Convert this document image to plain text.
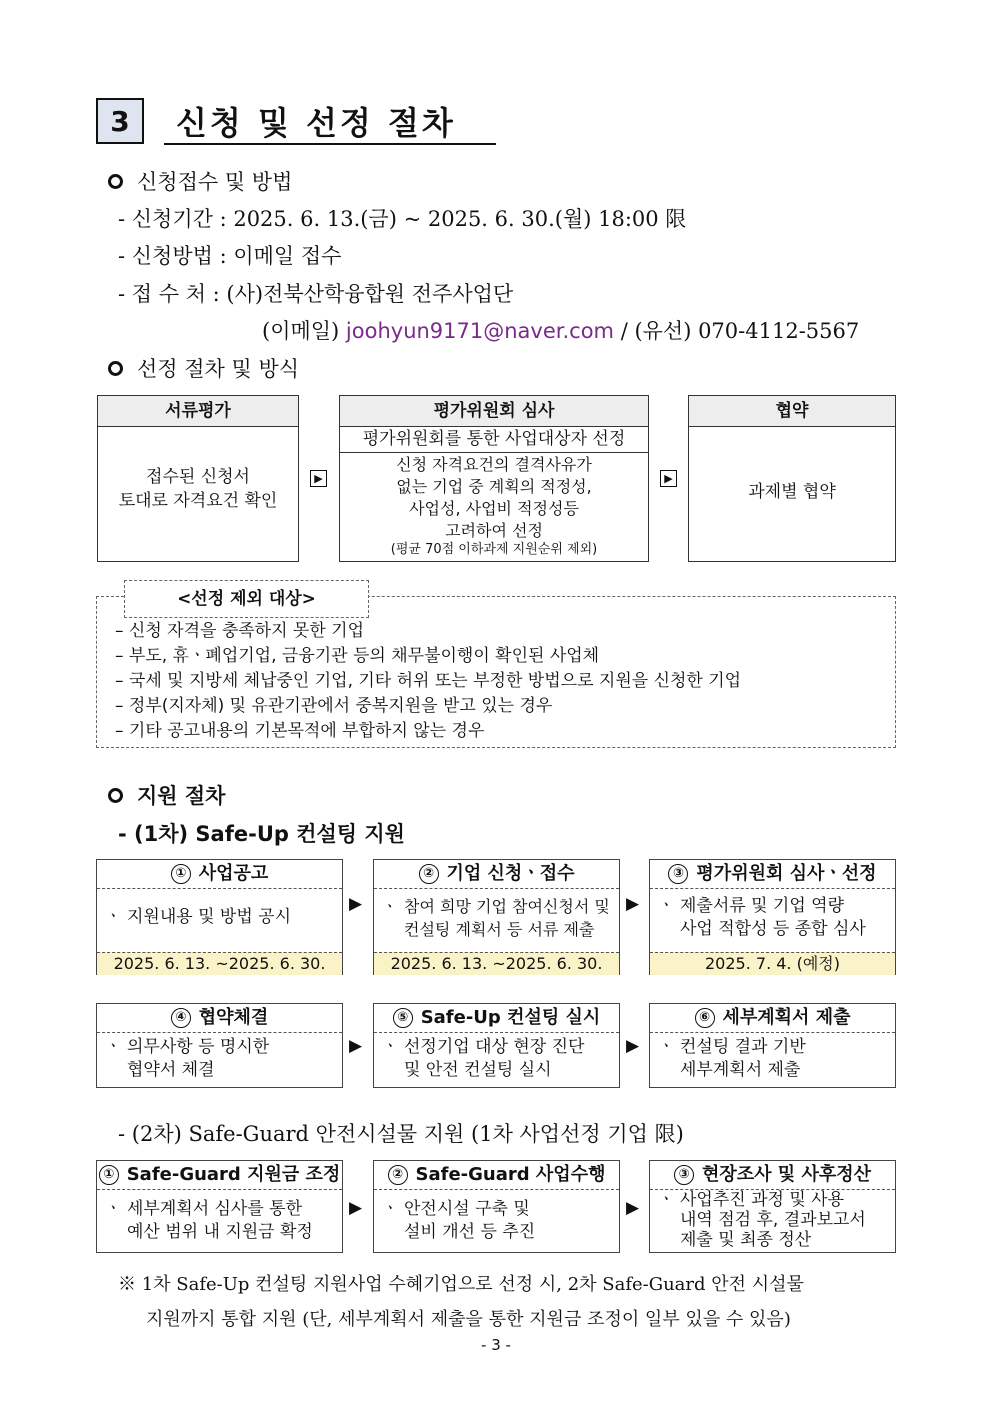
3 신청 및 선정 절차
신청접수 및 방법
- 신청기간 : 2025. 6. 13.(금) ~ 2025. 6. 30.(월) 18:00 限
- 신청방법 : 이메일 접수
- 접 수 처 : (사)전북산학융합원 전주사업단
(이메일) joohyun9171@naver.com / (유선) 070-4112-5567
선정 절차 및 방식
서류평가
접수된 신청서
토대로 자격요건 확인
▶
평가위원회 심사
평가위원회를 통한 사업대상자 선정
신청 자격요건의 결격사유가
없는 기업 중 계획의 적정성,
사업성, 사업비 적정성등
고려하여 선정
(평균 70점 이하과제 지원순위 제외)
▶
협약
과제별 협약
– 신청 자격을 충족하지 못한 기업
– 부도, 휴ㆍ폐업기업, 금융기관 등의 채무불이행이 확인된 사업체
– 국세 및 지방세 체납중인 기업, 기타 허위 또는 부정한 방법으로 지원을 신청한 기업
– 정부(지자체) 및 유관기관에서 중복지원을 받고 있는 경우
– 기타 공고내용의 기본목적에 부합하지 않는 경우
<선정 제외 대상>
지원 절차
- (1차) Safe-Up 컨설팅 지원
① 사업공고
ㆍ 지원내용 및 방법 공시
2025. 6. 13. ~2025. 6. 30.
▶
② 기업 신청ㆍ접수
ㆍ 참여 희망 기업 참여신청서 및
컨설팅 계획서 등 서류 제출
2025. 6. 13. ~2025. 6. 30.
▶
③ 평가위원회 심사ㆍ선정
ㆍ 제출서류 및 기업 역량
사업 적합성 등 종합 심사
2025. 7. 4. (예정)
④ 협약체결
ㆍ 의무사항 등 명시한
협약서 체결
▶
⑤ Safe-Up 컨설팅 실시
ㆍ 선정기업 대상 현장 진단
및 안전 컨설팅 실시
▶
⑥ 세부계획서 제출
ㆍ 컨설팅 결과 기반
세부계획서 제출
- (2차) Safe-Guard 안전시설물 지원 (1차 사업선정 기업 限)
① Safe-Guard 지원금 조정
ㆍ 세부계획서 심사를 통한
예산 범위 내 지원금 확정
▶
② Safe-Guard 사업수행
ㆍ 안전시설 구축 및
설비 개선 등 추진
▶
③ 현장조사 및 사후정산
ㆍ 사업추진 과정 및 사용
내역 점검 후, 결과보고서
제출 및 최종 정산
※ 1차 Safe-Up 컨설팅 지원사업 수혜기업으로 선정 시, 2차 Safe-Guard 안전 시설물
지원까지 통합 지원 (단, 세부계획서 제출을 통한 지원금 조정이 일부 있을 수 있음)
- 3 -
